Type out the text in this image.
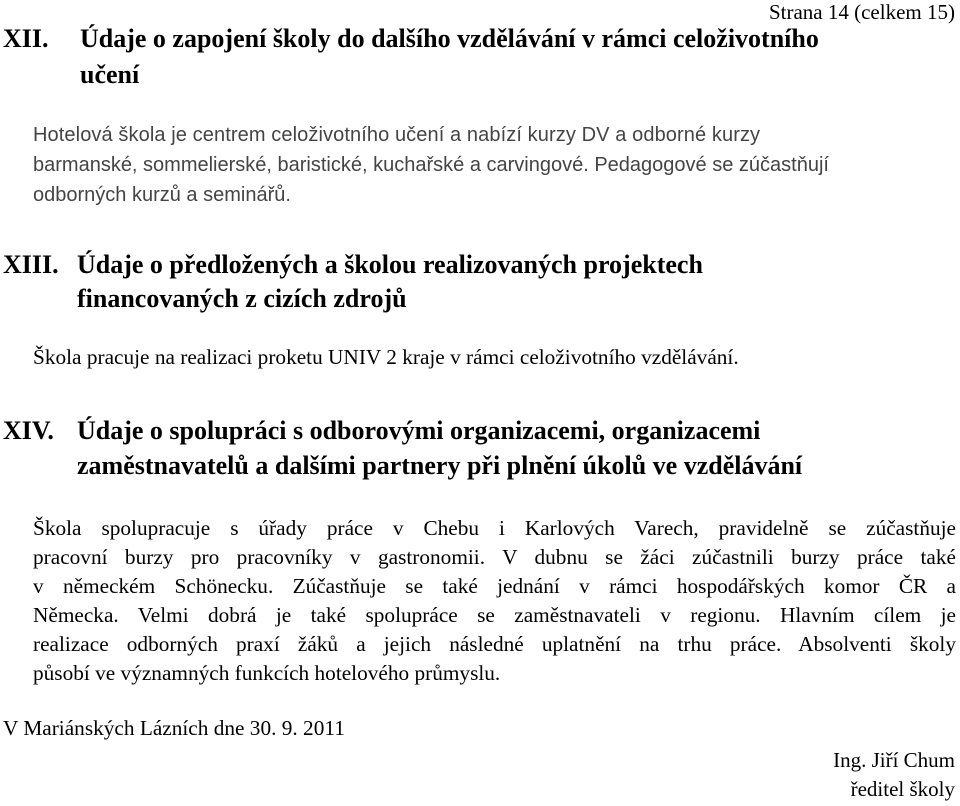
Strana 14 (celkem 15)
XII. Údaje o zapojení školy do dalšího vzdělávání v rámci celoživotního
učení
Hotelová škola je centrem celoživotního učení a nabízí kurzy DV a odborné kurzy
barmanské, sommelierské, baristické, kuchařské a carvingové. Pedagogové se zúčastňují
odborných kurzů a seminářů.
XIII. Údaje o předložených a školou realizovaných projektech
financovaných z cizích zdrojů
Škola pracuje na realizaci proketu UNIV 2 kraje v rámci celoživotního vzdělávání.
XIV. Údaje o spolupráci s odborovými organizacemi, organizacemi
zaměstnavatelů a dalšími partnery při plnění úkolů ve vzdělávání
Škola spolupracuje s úřady práce v Chebu i Karlových Varech, pravidelně se zúčastňuje
pracovní burzy pro pracovníky v gastronomii. V dubnu se žáci zúčastnili burzy práce také
v německém Schönecku. Zúčastňuje se také jednání v rámci hospodářských komor ČR a
Německa. Velmi dobrá je také spolupráce se zaměstnavateli v regionu. Hlavním cílem je
realizace odborných praxí žáků a jejich následné uplatnění na trhu práce. Absolventi školy
působí ve významných funkcích hotelového průmyslu.
V Mariánských Lázních dne 30. 9. 2011
Ing. Jiří Chum
ředitel školy
